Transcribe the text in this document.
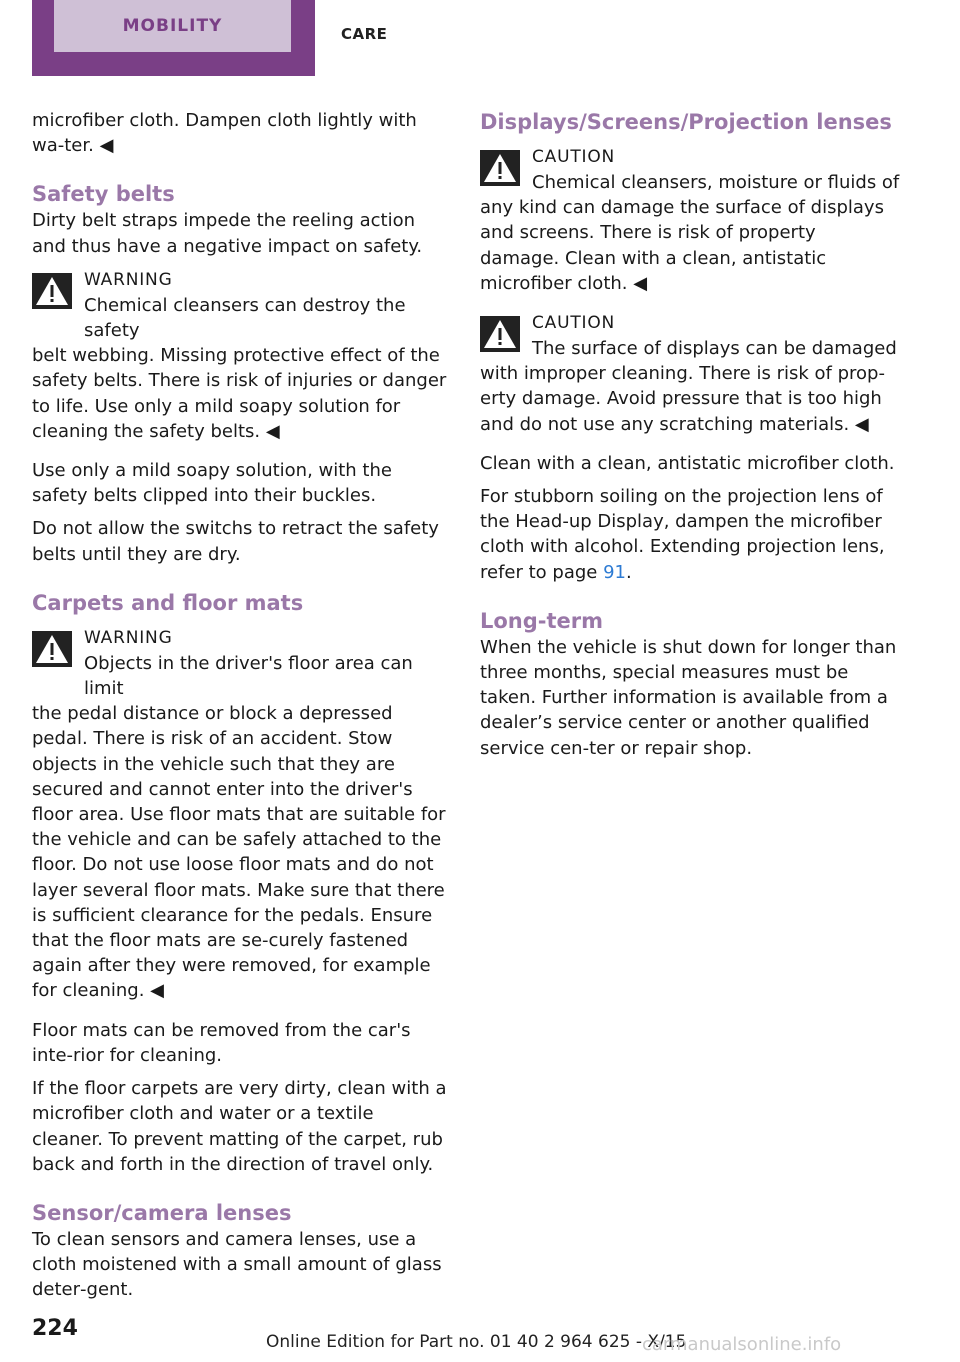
MOBILITY	CARE

microfiber cloth. Dampen cloth lightly with wa‐ter. ◀

Safety belts

Dirty belt straps impede the reeling action and thus have a negative impact on safety.

WARNING
Chemical cleansers can destroy the safety
belt webbing. Missing protective effect of the safety belts. There is risk of injuries or danger to life. Use only a mild soapy solution for cleaning the safety belts. ◀

Use only a mild soapy solution, with the safety belts clipped into their buckles.

Do not allow the switchs to retract the safety belts until they are dry.

Carpets and floor mats
WARNING
Objects in the driver's floor area can limit
the pedal distance or block a depressed pedal. There is risk of an accident. Stow objects in the vehicle such that they are secured and cannot enter into the driver's floor area. Use floor mats that are suitable for the vehicle and can be safely attached to the floor. Do not use loose floor mats and do not layer several floor mats. Make sure that there is sufficient clearance for the pedals. Ensure that the floor mats are se‐curely fastened again after they were removed, for example for cleaning. ◀

Floor mats can be removed from the car's inte‐rior for cleaning.

If the floor carpets are very dirty, clean with a microfiber cloth and water or a textile cleaner. To prevent matting of the carpet, rub back and forth in the direction of travel only.

Sensor/camera lenses

To clean sensors and camera lenses, use a cloth moistened with a small amount of glass deter‐gent.

Displays/Screens/Projection lenses
CAUTION
Chemical cleansers, moisture or fluids of
any kind can damage the surface of displays and screens. There is risk of property damage. Clean with a clean, antistatic microfiber cloth. ◀
CAUTION
The surface of displays can be damaged
with improper cleaning. There is risk of prop‐erty damage. Avoid pressure that is too high and do not use any scratching materials. ◀

Clean with a clean, antistatic microfiber cloth.

For stubborn soiling on the projection lens of the Head-up Display, dampen the microfiber cloth with alcohol. Extending projection lens, refer to page 91.

Long-term

When the vehicle is shut down for longer than three months, special measures must be taken. Further information is available from a dealer’s service center or another qualified service cen‐ter or repair shop.

224
Online Edition for Part no. 01 40 2 964 625 - X/15
carmanualsonline.info
